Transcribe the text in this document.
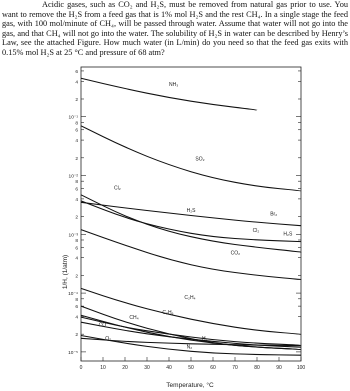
Acidic gases, such as CO₂ and H₂S, must be removed from natural gas prior to use. You want to remove the H₂S from a feed gas that is 1% mol H₂S and the rest CH₄. In a single stage the feed gas, with 100 mol/minute of CH₄, will be passed through water. Assume that water will not go into the gas, and that CH₄ will not go into the water. The solubility of H₂S in water can be described by Henry’s Law, see the attached Figure. How much water (in L/min) do you need so that the feed gas exits with 0.15% mol H₂S at 25 °C and pressure of 68 atm?

6
4
2
10⁻¹
8
6
4
2
10⁻²
8
6
4
2
10⁻³
8
6
4
2
10⁻⁴
8
6
4
2
10⁻⁵
0	10	20	30	40	50	60	70	80	90	100
NH₃
SO₂
Cl₂
Br₂
H₂S
CO₂
C₂H₄
C₂H₆
CH₄
CO
O₂	H₂
N₂
H₂S
Cl₂
1/H, (1/atm)
Temperature, °C
